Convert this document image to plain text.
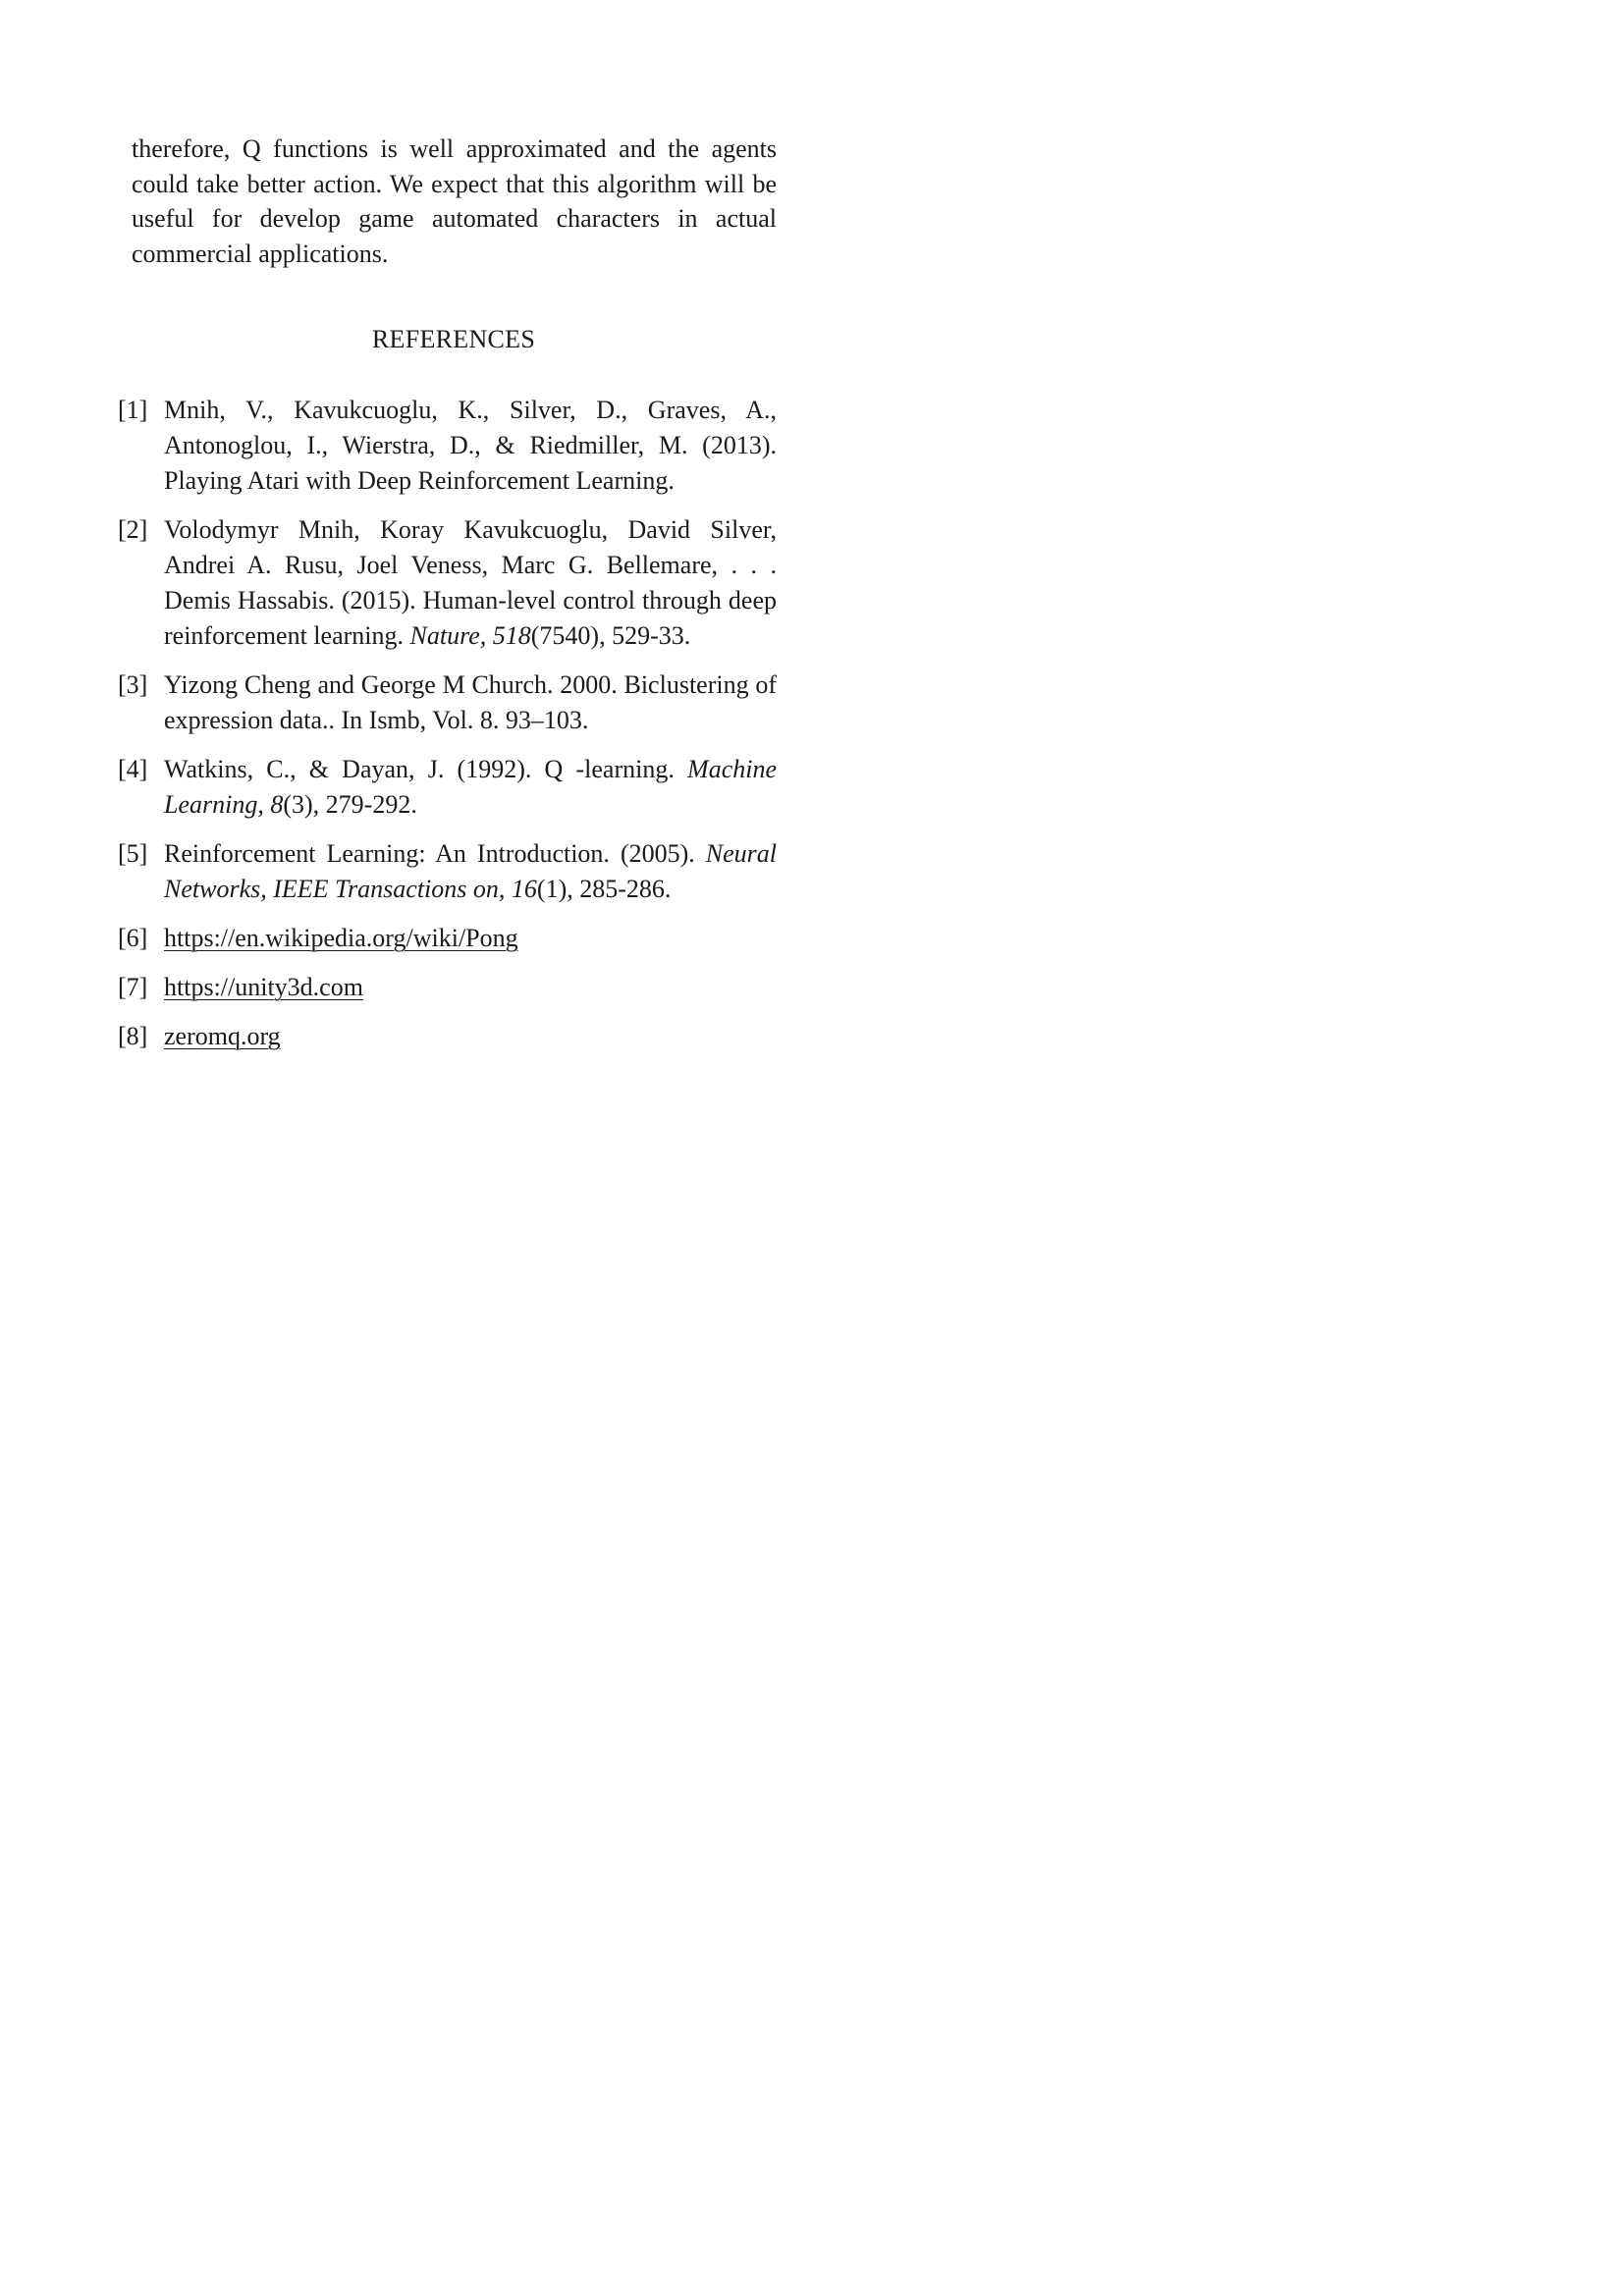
therefore, Q functions is well approximated and the agents could take better action. We expect that this algorithm will be useful for develop game automated characters in actual commercial applications.

REFERENCES
[1] Mnih, V., Kavukcuoglu, K., Silver, D., Graves, A., Antonoglou, I., Wierstra, D., & Riedmiller, M. (2013). Playing Atari with Deep Reinforcement Learning.
[2] Volodymyr Mnih, Koray Kavukcuoglu, David Silver, Andrei A. Rusu, Joel Veness, Marc G. Bellemare, . . . Demis Hassabis. (2015). Human-level control through deep reinforcement learning. Nature, 518(7540), 529-33.
[3] Yizong Cheng and George M Church. 2000. Biclustering of expression data.. In Ismb, Vol. 8. 93–103.
[4] Watkins, C., & Dayan, J. (1992). Q -learning. Machine Learning, 8(3), 279-292.
[5] Reinforcement Learning: An Introduction. (2005). Neural Networks, IEEE Transactions on, 16(1), 285-286.
[6] https://en.wikipedia.org/wiki/Pong
[7] https://unity3d.com
[8] zeromq.org
